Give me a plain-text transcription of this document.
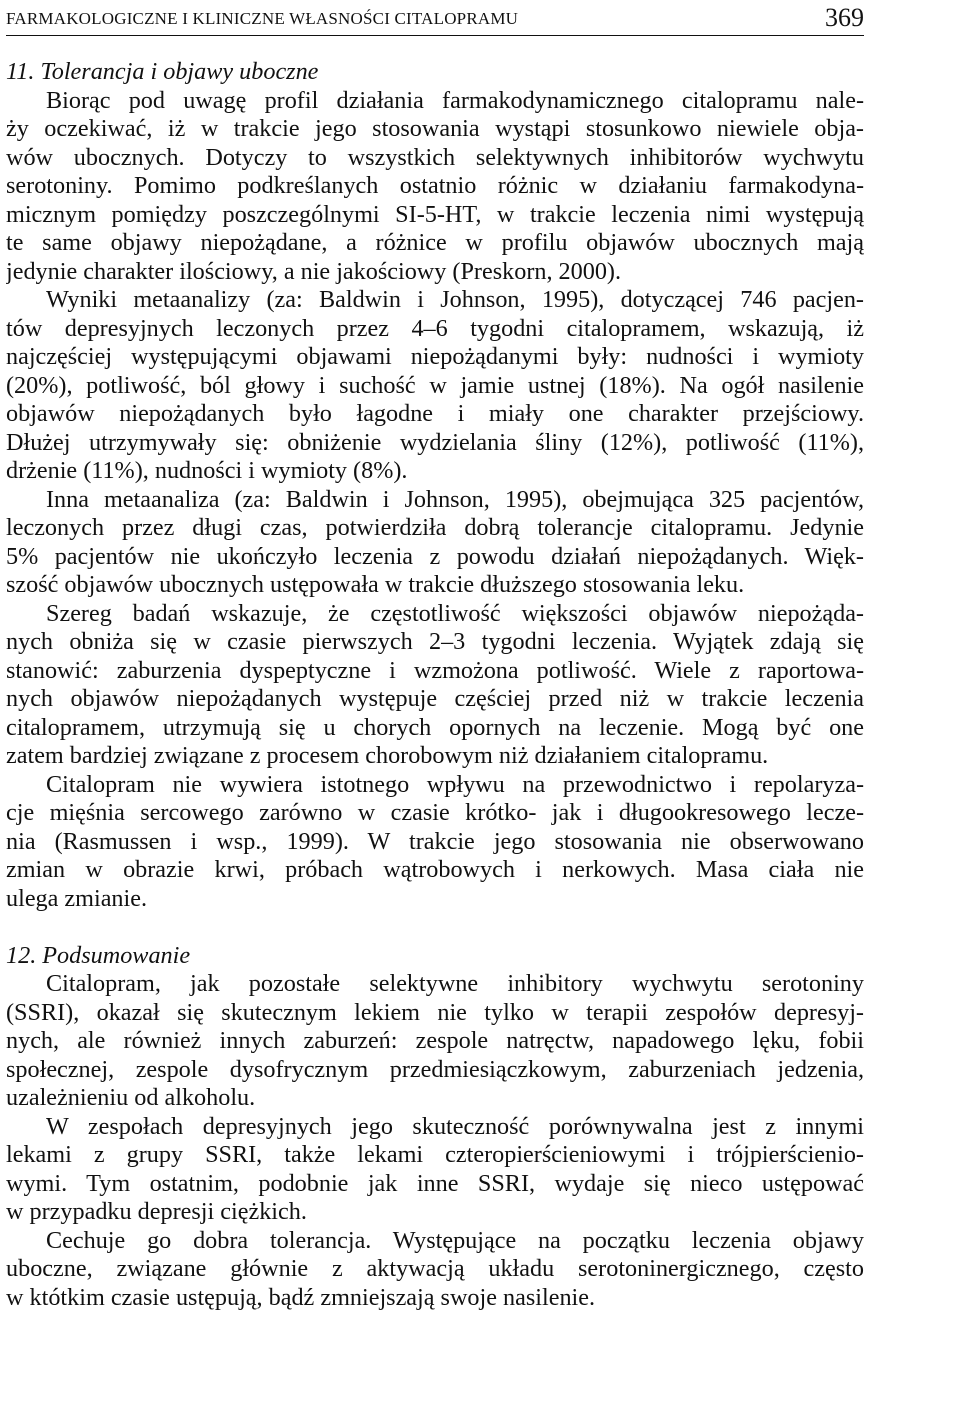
FARMAKOLOGICZNE I KLINICZNE WŁASNOŚCI CITALOPRAMU	369
11. Tolerancja i objawy uboczne
Biorąc pod uwagę profil działania farmakodynamicznego citalopramu nale-
ży oczekiwać, iż w trakcie jego stosowania wystąpi stosunkowo niewiele obja-
wów ubocznych. Dotyczy to wszystkich selektywnych inhibitorów wychwytu
serotoniny. Pomimo podkreślanych ostatnio różnic w działaniu farmakodyna-
micznym pomiędzy poszczególnymi SI-5-HT, w trakcie leczenia nimi występują
te same objawy niepożądane, a różnice w profilu objawów ubocznych mają
jedynie charakter ilościowy, a nie jakościowy (Preskorn, 2000).
Wyniki metaanalizy (za: Baldwin i Johnson, 1995), dotyczącej 746 pacjen-
tów depresyjnych leczonych przez 4–6 tygodni citalopramem, wskazują, iż
najczęściej występującymi objawami niepożądanymi były: nudności i wymioty
(20%), potliwość, ból głowy i suchość w jamie ustnej (18%). Na ogół nasilenie
objawów niepożądanych było łagodne i miały one charakter przejściowy.
Dłużej utrzymywały się: obniżenie wydzielania śliny (12%), potliwość (11%),
drżenie (11%), nudności i wymioty (8%).
Inna metaanaliza (za: Baldwin i Johnson, 1995), obejmująca 325 pacjentów,
leczonych przez długi czas, potwierdziła dobrą tolerancje citalopramu. Jedynie
5% pacjentów nie ukończyło leczenia z powodu działań niepożądanych. Więk-
szość objawów ubocznych ustępowała w trakcie dłuższego stosowania leku.
Szereg badań wskazuje, że częstotliwość większości objawów niepożąda-
nych obniża się w czasie pierwszych 2–3 tygodni leczenia. Wyjątek zdają się
stanowić: zaburzenia dyspeptyczne i wzmożona potliwość. Wiele z raportowa-
nych objawów niepożądanych występuje częściej przed niż w trakcie leczenia
citalopramem, utrzymują się u chorych opornych na leczenie. Mogą być one
zatem bardziej związane z procesem chorobowym niż działaniem citalopramu.
Citalopram nie wywiera istotnego wpływu na przewodnictwo i repolaryza-
cje mięśnia sercowego zarówno w czasie krótko- jak i długookresowego lecze-
nia (Rasmussen i wsp., 1999). W trakcie jego stosowania nie obserwowano
zmian w obrazie krwi, próbach wątrobowych i nerkowych. Masa ciała nie
ulega zmianie.
12. Podsumowanie
Citalopram, jak pozostałe selektywne inhibitory wychwytu serotoniny
(SSRI), okazał się skutecznym lekiem nie tylko w terapii zespołów depresyj-
nych, ale również innych zaburzeń: zespole natręctw, napadowego lęku, fobii
społecznej, zespole dysofrycznym przedmiesiączkowym, zaburzeniach jedzenia,
uzależnieniu od alkoholu.
W zespołach depresyjnych jego skuteczność porównywalna jest z innymi
lekami z grupy SSRI, także lekami czteropierścieniowymi i trójpierścienio-
wymi. Tym ostatnim, podobnie jak inne SSRI, wydaje się nieco ustępować
w przypadku depresji ciężkich.
Cechuje go dobra tolerancja. Występujące na początku leczenia objawy
uboczne, związane głównie z aktywacją układu serotoninergicznego, często
w któtkim czasie ustępują, bądź zmniejszają swoje nasilenie.
